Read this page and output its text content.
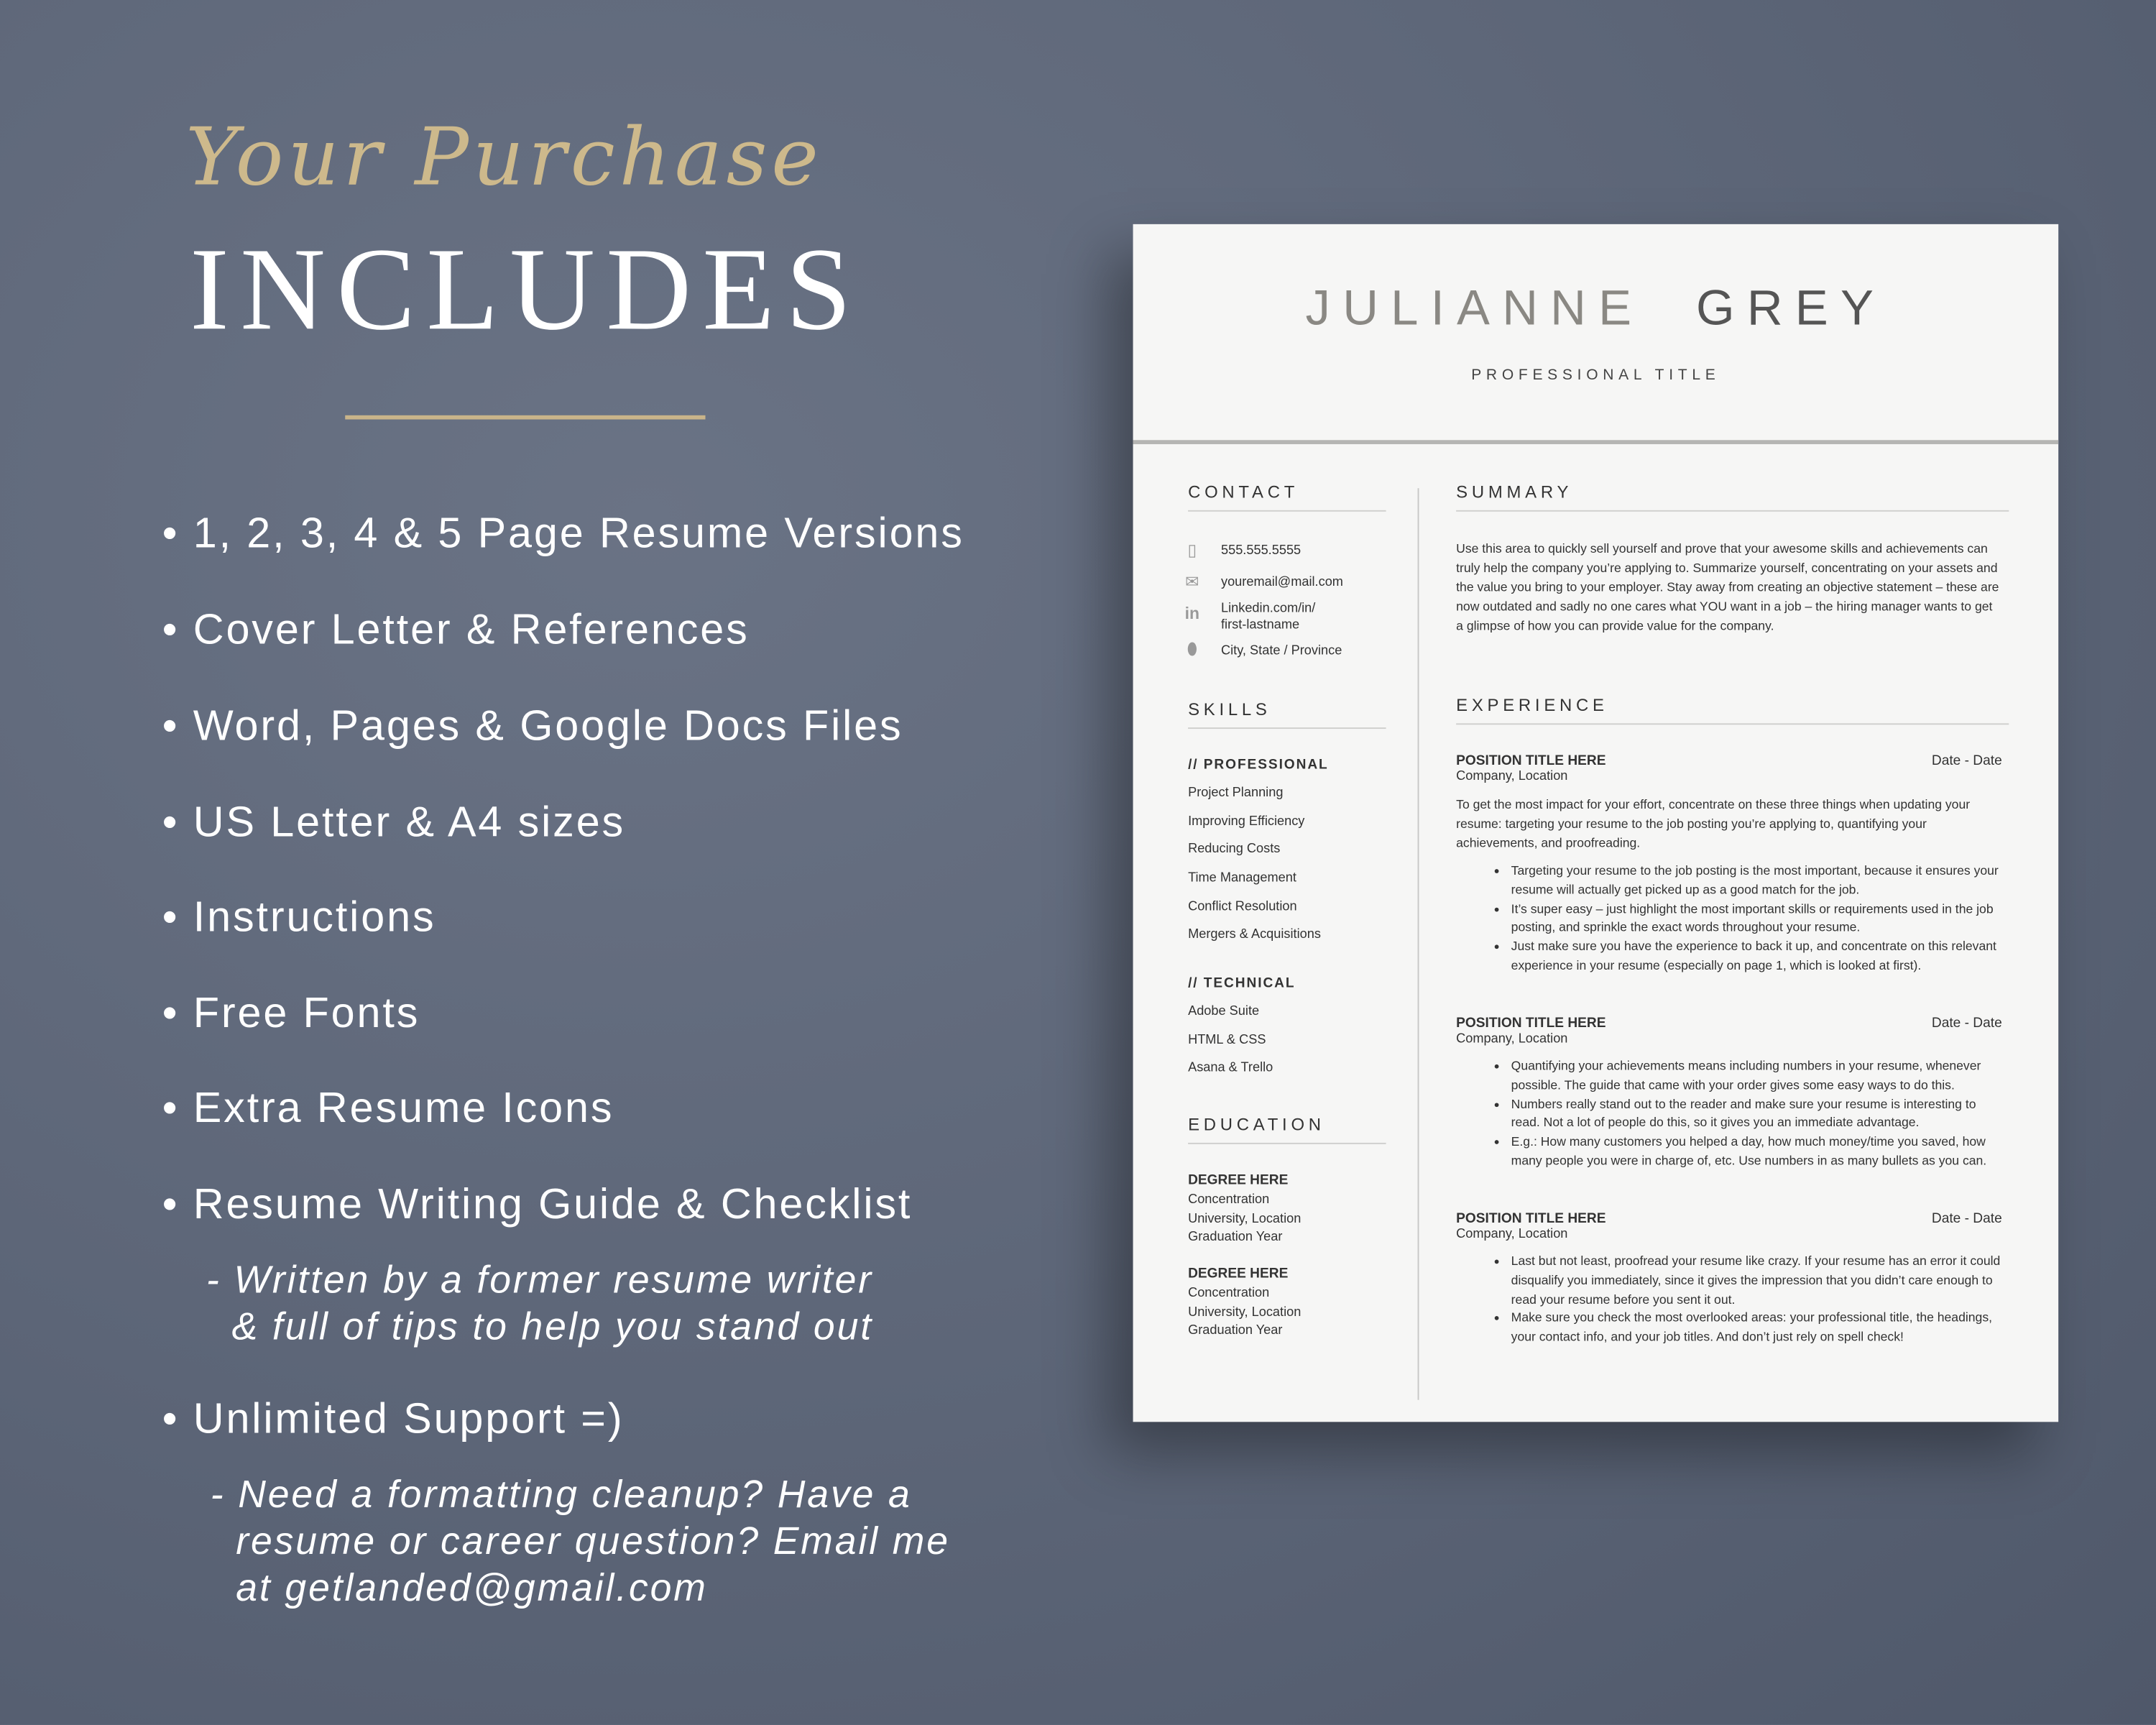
Your Purchase
INCLUDES
• 1, 2, 3, 4 & 5 Page Resume Versions
• Cover Letter & References
• Word, Pages & Google Docs Files
• US Letter & A4 sizes
• Instructions
• Free Fonts
• Extra Resume Icons
• Resume Writing Guide & Checklist
- Written by a former resume writer
& full of tips to help you stand out
• Unlimited Support =)
- Need a formatting cleanup? Have a
resume or career question? Email me
at getlanded@gmail.com
JULIANNE GREY
PROFESSIONAL TITLE
CONTACT
▯	555.555.5555
✉	youremail@mail.com
in	Linkedin.com/in/ first-lastname
⬮	City, State / Province
SKILLS
// PROFESSIONAL
Project Planning
Improving Efficiency
Reducing Costs
Time Management
Conflict Resolution
Mergers & Acquisitions
// TECHNICAL
Adobe Suite
HTML & CSS
Asana & Trello
EDUCATION
DEGREE HERE
Concentration
University, Location
Graduation Year
DEGREE HERE
Concentration
University, Location
Graduation Year
SUMMARY

Use this area to quickly sell yourself and prove that your awesome skills and achievements can truly help the company you’re applying to. Summarize yourself, concentrating on your assets and the value you bring to your employer. Stay away from creating an objective statement – these are now outdated and sadly no one cares what YOU want in a job – the hiring manager wants to get a glimpse of how you can provide value for the company.

EXPERIENCE
POSITION TITLE HERE	Date - Date
Company, Location

To get the most impact for your effort, concentrate on these three things when updating your resume: targeting your resume to the job posting you’re applying to, quantifying your achievements, and proofreading.

• Targeting your resume to the job posting is the most important, because it ensures your resume will actually get picked up as a good match for the job.
• It’s super easy – just highlight the most important skills or requirements used in the job posting, and sprinkle the exact words throughout your resume.
• Just make sure you have the experience to back it up, and concentrate on this relevant experience in your resume (especially on page 1, which is looked at first).
POSITION TITLE HERE	Date - Date
Company, Location
• Quantifying your achievements means including numbers in your resume, whenever possible. The guide that came with your order gives some easy ways to do this.
• Numbers really stand out to the reader and make sure your resume is interesting to read. Not a lot of people do this, so it gives you an immediate advantage.
• E.g.: How many customers you helped a day, how much money/time you saved, how many people you were in charge of, etc. Use numbers in as many bullets as you can.
POSITION TITLE HERE	Date - Date
Company, Location
• Last but not least, proofread your resume like crazy. If your resume has an error it could disqualify you immediately, since it gives the impression that you didn’t care enough to read your resume before you sent it out.
• Make sure you check the most overlooked areas: your professional title, the headings, your contact info, and your job titles. And don’t just rely on spell check!
